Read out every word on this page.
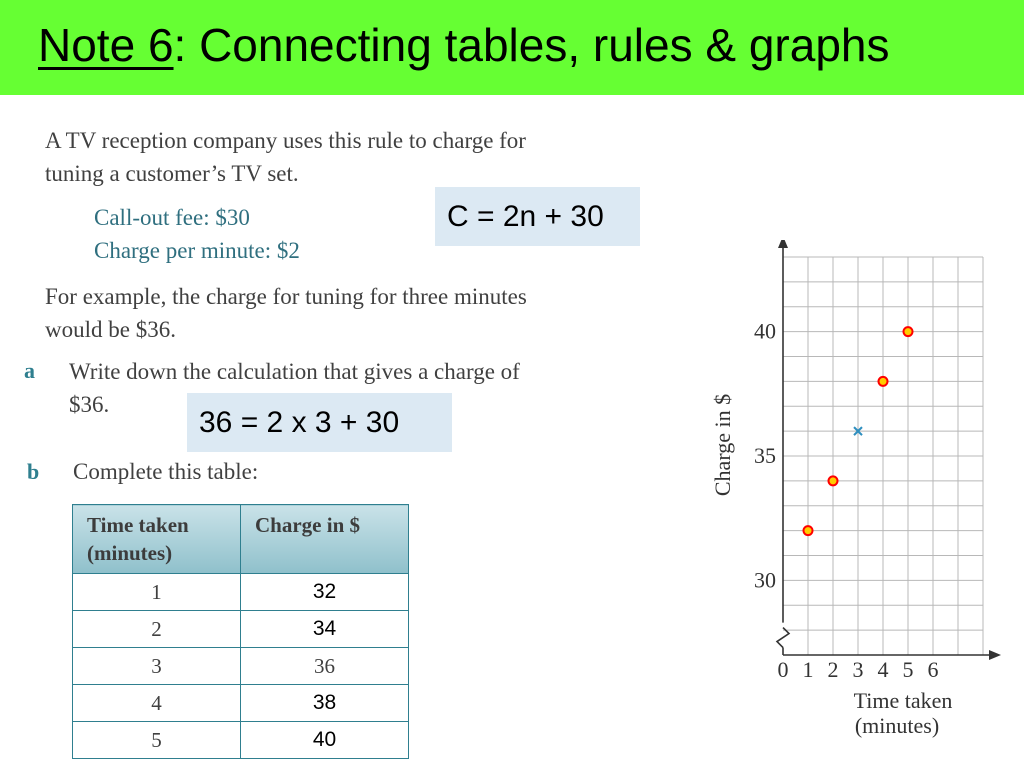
Note 6: Connecting tables, rules & graphs

A TV reception company uses this rule to charge for

tuning a customer’s TV set.

Call-out fee: $30

Charge per minute: $2

C = 2n + 30

For example, the charge for tuning for three minutes

would be $36.

a Write down the calculation that gives a charge of

$36.

36 = 2 x 3 + 30
b Complete this table:

Time taken (minutes)	Charge in $
1	32
2	34
3	36
4	38
5	40
0 1 2 3 4 5 6
30
35
40
Charge in $
Time taken
(minutes)
